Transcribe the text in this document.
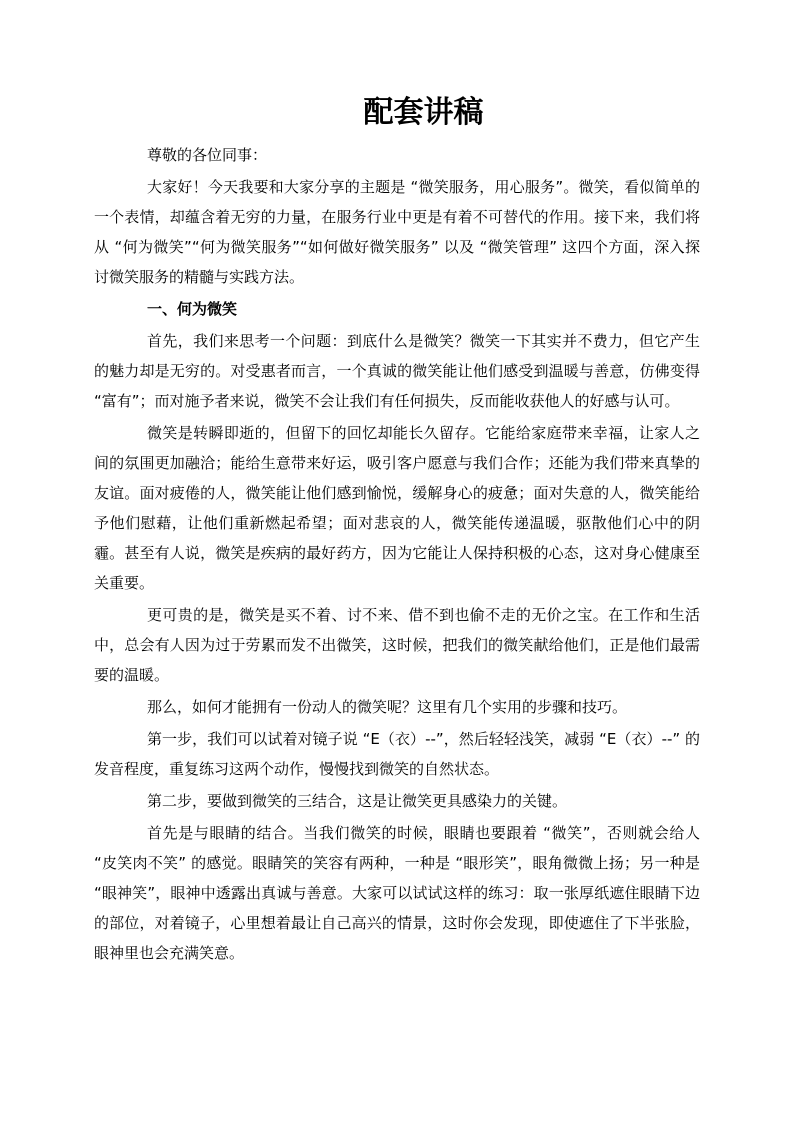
配套讲稿

尊敬的各位同事：

大家好！今天我要和大家分享的主题是 “微笑服务，用心服务”。微笑，看似简单的一个表情，却蕴含着无穷的力量，在服务行业中更是有着不可替代的作用。接下来，我们将从 “何为微笑”“何为微笑服务”“如何做好微笑服务” 以及 “微笑管理” 这四个方面，深入探讨微笑服务的精髓与实践方法。

一、何为微笑

首先，我们来思考一个问题：到底什么是微笑？微笑一下其实并不费力，但它产生的魅力却是无穷的。对受惠者而言，一个真诚的微笑能让他们感受到温暖与善意，仿佛变得 “富有”；而对施予者来说，微笑不会让我们有任何损失，反而能收获他人的好感与认可。

微笑是转瞬即逝的，但留下的回忆却能长久留存。它能给家庭带来幸福，让家人之间的氛围更加融洽；能给生意带来好运，吸引客户愿意与我们合作；还能为我们带来真挚的友谊。面对疲倦的人，微笑能让他们感到愉悦，缓解身心的疲惫；面对失意的人，微笑能给予他们慰藉，让他们重新燃起希望；面对悲哀的人，微笑能传递温暖，驱散他们心中的阴霾。甚至有人说，微笑是疾病的最好药方，因为它能让人保持积极的心态，这对身心健康至关重要。

更可贵的是，微笑是买不着、讨不来、借不到也偷不走的无价之宝。在工作和生活中，总会有人因为过于劳累而发不出微笑，这时候，把我们的微笑献给他们，正是他们最需要的温暖。

那么，如何才能拥有一份动人的微笑呢？这里有几个实用的步骤和技巧。

第一步，我们可以试着对镜子说 “E（衣）--”，然后轻轻浅笑，减弱 “E（衣）--” 的发音程度，重复练习这两个动作，慢慢找到微笑的自然状态。

第二步，要做到微笑的三结合，这是让微笑更具感染力的关键。

首先是与眼睛的结合。当我们微笑的时候，眼睛也要跟着 “微笑”，否则就会给人 “皮笑肉不笑” 的感觉。眼睛笑的笑容有两种，一种是 “眼形笑”，眼角微微上扬；另一种是 “眼神笑”，眼神中透露出真诚与善意。大家可以试试这样的练习：取一张厚纸遮住眼睛下边的部位，对着镜子，心里想着最让自己高兴的情景，这时你会发现，即使遮住了下半张脸，眼神里也会充满笑意。
